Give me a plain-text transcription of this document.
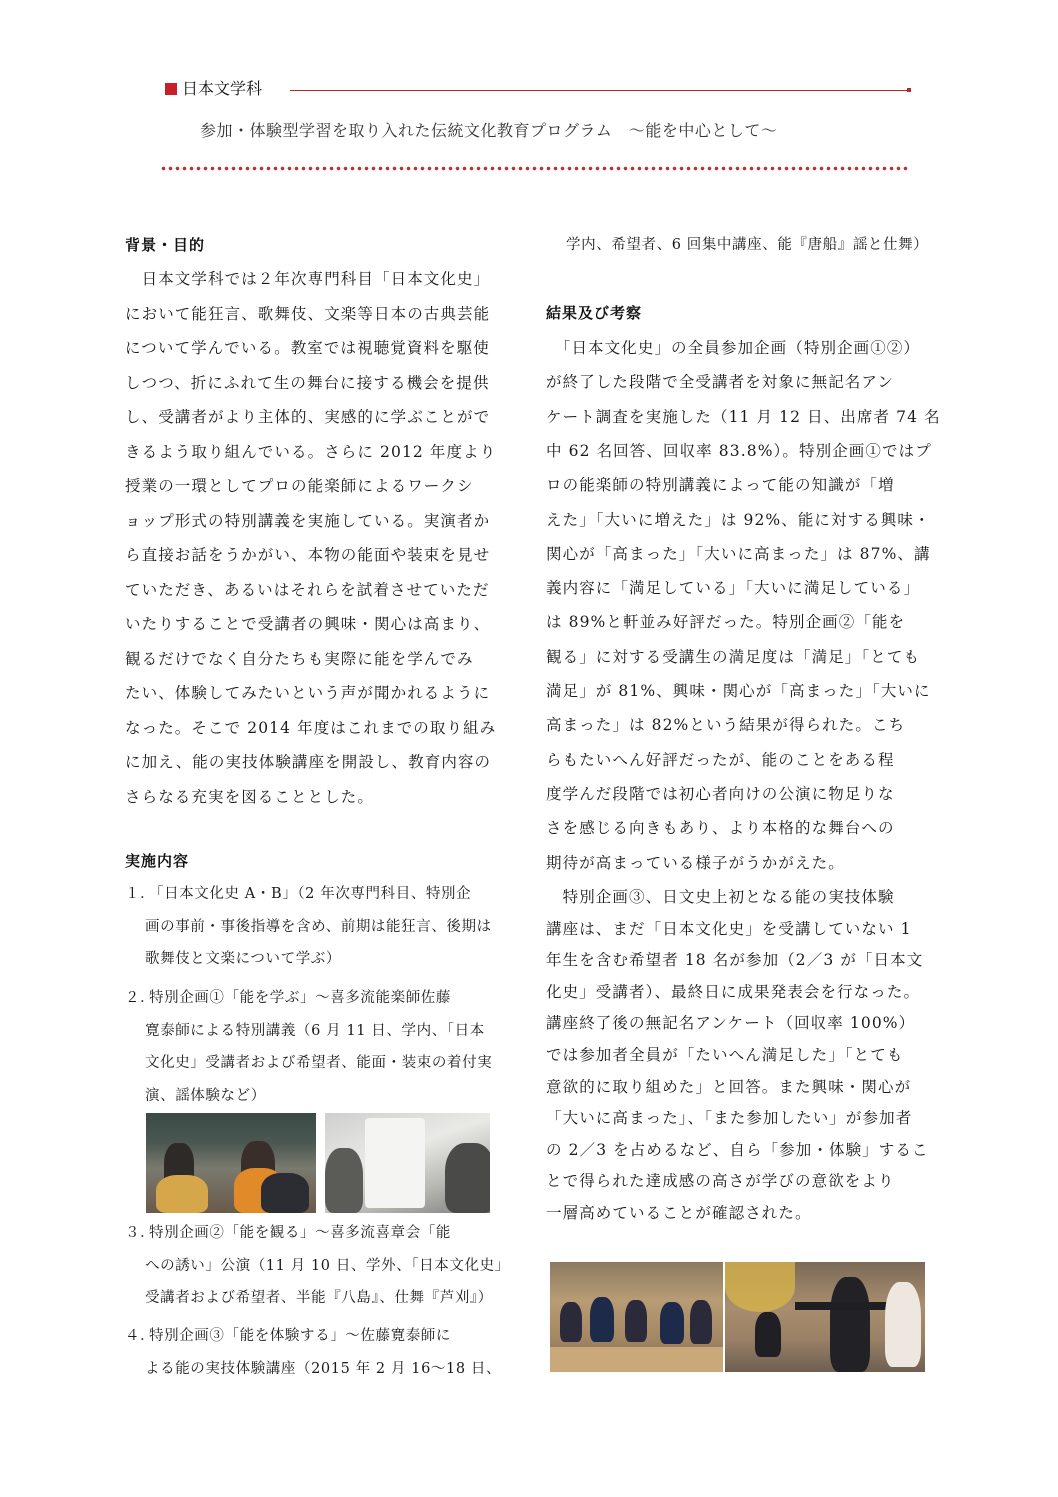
日本文学科
参加・体験型学習を取り入れた伝統文化教育プログラム　～能を中心として～
背景・目的
　日本文学科では２年次専門科目「日本文化史」
において能狂言、歌舞伎、文楽等日本の古典芸能
について学んでいる。教室では視聴覚資料を駆使
しつつ、折にふれて生の舞台に接する機会を提供
し、受講者がより主体的、実感的に学ぶことがで
きるよう取り組んでいる。さらに 2012 年度より
授業の一環としてプロの能楽師によるワークシ
ョップ形式の特別講義を実施している。実演者か
ら直接お話をうかがい、本物の能面や装束を見せ
ていただき、あるいはそれらを試着させていただ
いたりすることで受講者の興味・関心は高まり、
観るだけでなく自分たちも実際に能を学んでみ
たい、体験してみたいという声が聞かれるように
なった。そこで 2014 年度はこれまでの取り組み
に加え、能の実技体験講座を開設し、教育内容の
さらなる充実を図ることとした。
実施内容
１．
「日本文化史 A・B」（2 年次専門科目、特別企
画の事前・事後指導を含め、前期は能狂言、後期は
歌舞伎と文楽について学ぶ）
２．
特別企画①「能を学ぶ」～喜多流能楽師佐藤
寛泰師による特別講義（6 月 11 日、学内、「日本
文化史」受講者および希望者、能面・装束の着付実
演、謡体験など）
３．
特別企画②「能を観る」～喜多流喜章会「能
への誘い」公演（11 月 10 日、学外、「日本文化史」
受講者および希望者、半能『八島』、仕舞『芦刈』）
４．
特別企画③「能を体験する」～佐藤寛泰師に
よる能の実技体験講座（2015 年 2 月 16～18 日、
学内、希望者、6 回集中講座、能『唐船』謡と仕舞）
結果及び考察
　「日本文化史」の全員参加企画（特別企画①②）
が終了した段階で全受講者を対象に無記名アン
ケート調査を実施した（11 月 12 日、出席者 74 名
中 62 名回答、回収率 83.8%）。特別企画①ではプ
ロの能楽師の特別講義によって能の知識が「増
えた」「大いに増えた」は 92%、能に対する興味・
関心が「高まった」「大いに高まった」は 87%、講
義内容に「満足している」「大いに満足している」
は 89%と軒並み好評だった。特別企画②「能を
観る」に対する受講生の満足度は「満足」「とても
満足」が 81%、興味・関心が「高まった」「大いに
高まった」は 82%という結果が得られた。こち
らもたいへん好評だったが、能のことをある程
度学んだ段階では初心者向けの公演に物足りな
さを感じる向きもあり、より本格的な舞台への
期待が高まっている様子がうかがえた。
　特別企画③、日文史上初となる能の実技体験
講座は、まだ「日本文化史」を受講していない 1
年生を含む希望者 18 名が参加（2／3 が「日本文
化史」受講者）、最終日に成果発表会を行なった。
講座終了後の無記名アンケート（回収率 100%）
では参加者全員が「たいへん満足した」「とても
意欲的に取り組めた」と回答。また興味・関心が
「大いに高まった」、「また参加したい」が参加者
の 2／3 を占めるなど、自ら「参加・体験」するこ
とで得られた達成感の高さが学びの意欲をより
一層高めていることが確認された。
